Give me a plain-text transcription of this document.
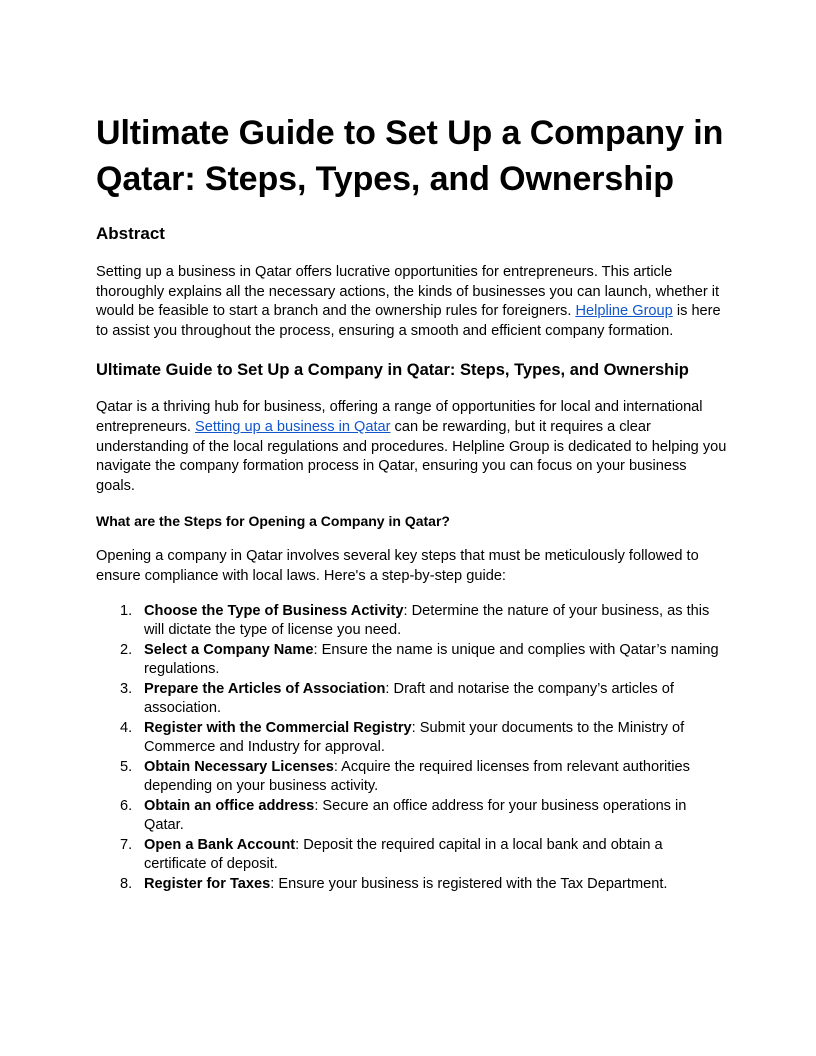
Ultimate Guide to Set Up a Company in Qatar: Steps, Types, and Ownership
Abstract

Setting up a business in Qatar offers lucrative opportunities for entrepreneurs. This article thoroughly explains all the necessary actions, the kinds of businesses you can launch, whether it would be feasible to start a branch and the ownership rules for foreigners. Helpline Group is here to assist you throughout the process, ensuring a smooth and efficient company formation.

Ultimate Guide to Set Up a Company in Qatar: Steps, Types, and Ownership

Qatar is a thriving hub for business, offering a range of opportunities for local and international entrepreneurs. Setting up a business in Qatar can be rewarding, but it requires a clear understanding of the local regulations and procedures. Helpline Group is dedicated to helping you navigate the company formation process in Qatar, ensuring you can focus on your business goals.

What are the Steps for Opening a Company in Qatar?

Opening a company in Qatar involves several key steps that must be meticulously followed to ensure compliance with local laws. Here's a step-by-step guide:

1. Choose the Type of Business Activity: Determine the nature of your business, as this will dictate the type of license you need.
2. Select a Company Name: Ensure the name is unique and complies with Qatar’s naming regulations.
3. Prepare the Articles of Association: Draft and notarise the company’s articles of association.
4. Register with the Commercial Registry: Submit your documents to the Ministry of Commerce and Industry for approval.
5. Obtain Necessary Licenses: Acquire the required licenses from relevant authorities depending on your business activity.
6. Obtain an office address: Secure an office address for your business operations in Qatar.
7. Open a Bank Account: Deposit the required capital in a local bank and obtain a certificate of deposit.
8. Register for Taxes: Ensure your business is registered with the Tax Department.
